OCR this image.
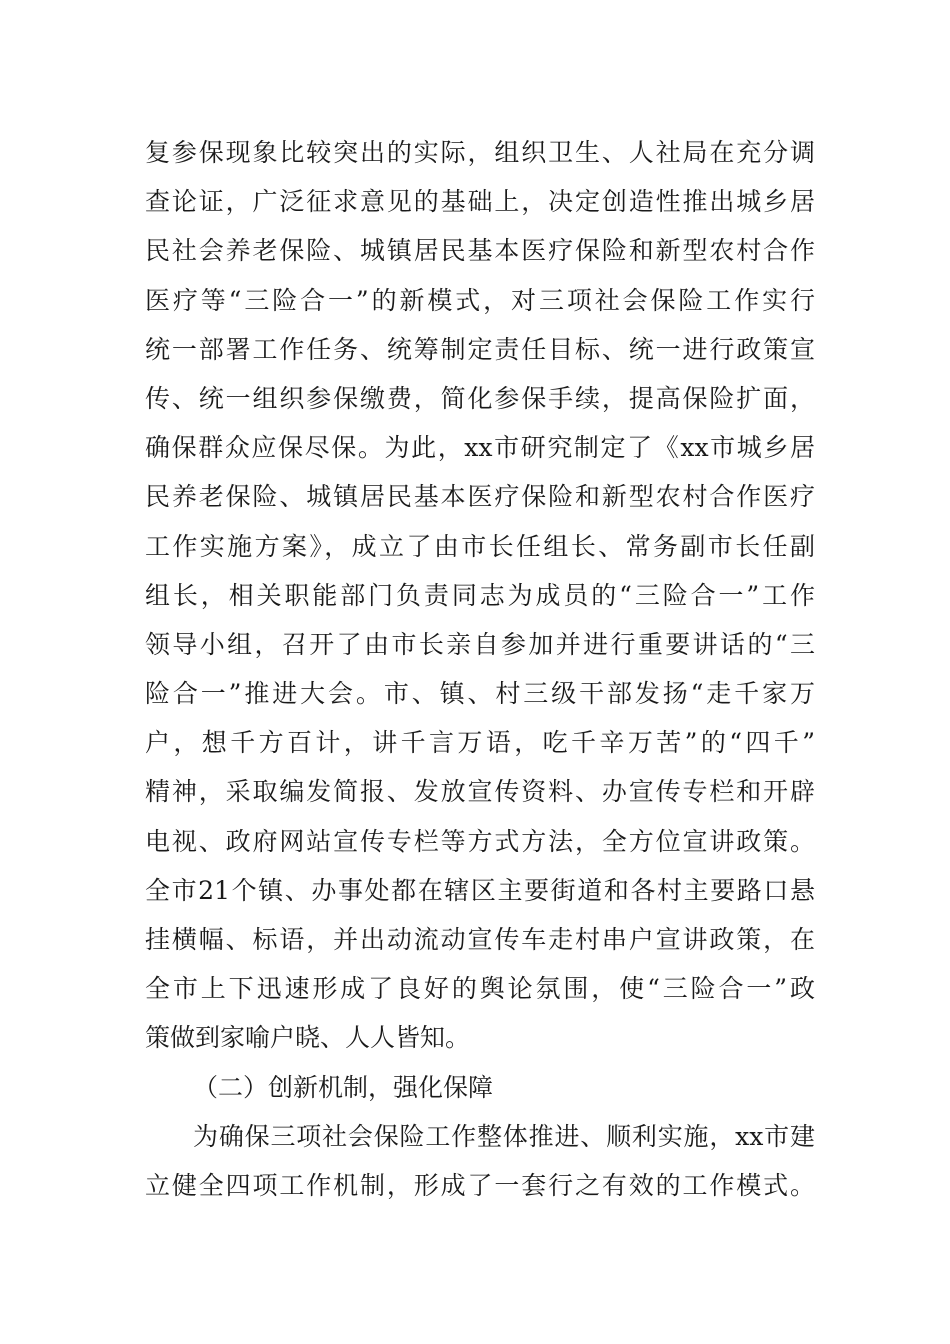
复参保现象比较突出的实际，组织卫生、人社局在充分调
查论证，广泛征求意见的基础上，决定创造性推出城乡居
民社会养老保险、城镇居民基本医疗保险和新型农村合作
医疗等“三险合一”的新模式，对三项社会保险工作实行
统一部署工作任务、统筹制定责任目标、统一进行政策宣
传、统一组织参保缴费，简化参保手续，提高保险扩面，
确保群众应保尽保。为此，xx市研究制定了《xx市城乡居
民养老保险、城镇居民基本医疗保险和新型农村合作医疗
工作实施方案》，成立了由市长任组长、常务副市长任副
组长，相关职能部门负责同志为成员的“三险合一”工作
领导小组，召开了由市长亲自参加并进行重要讲话的“三
险合一”推进大会。市、镇、村三级干部发扬“走千家万
户，想千方百计，讲千言万语，吃千辛万苦”的“四千”
精神，采取编发简报、发放宣传资料、办宣传专栏和开辟
电视、政府网站宣传专栏等方式方法，全方位宣讲政策。
全市21个镇、办事处都在辖区主要街道和各村主要路口悬
挂横幅、标语，并出动流动宣传车走村串户宣讲政策，在
全市上下迅速形成了良好的舆论氛围，使“三险合一”政
策做到家喻户晓、人人皆知。
（二）创新机制，强化保障
为确保三项社会保险工作整体推进、顺利实施，xx市建
立健全四项工作机制，形成了一套行之有效的工作模式。
